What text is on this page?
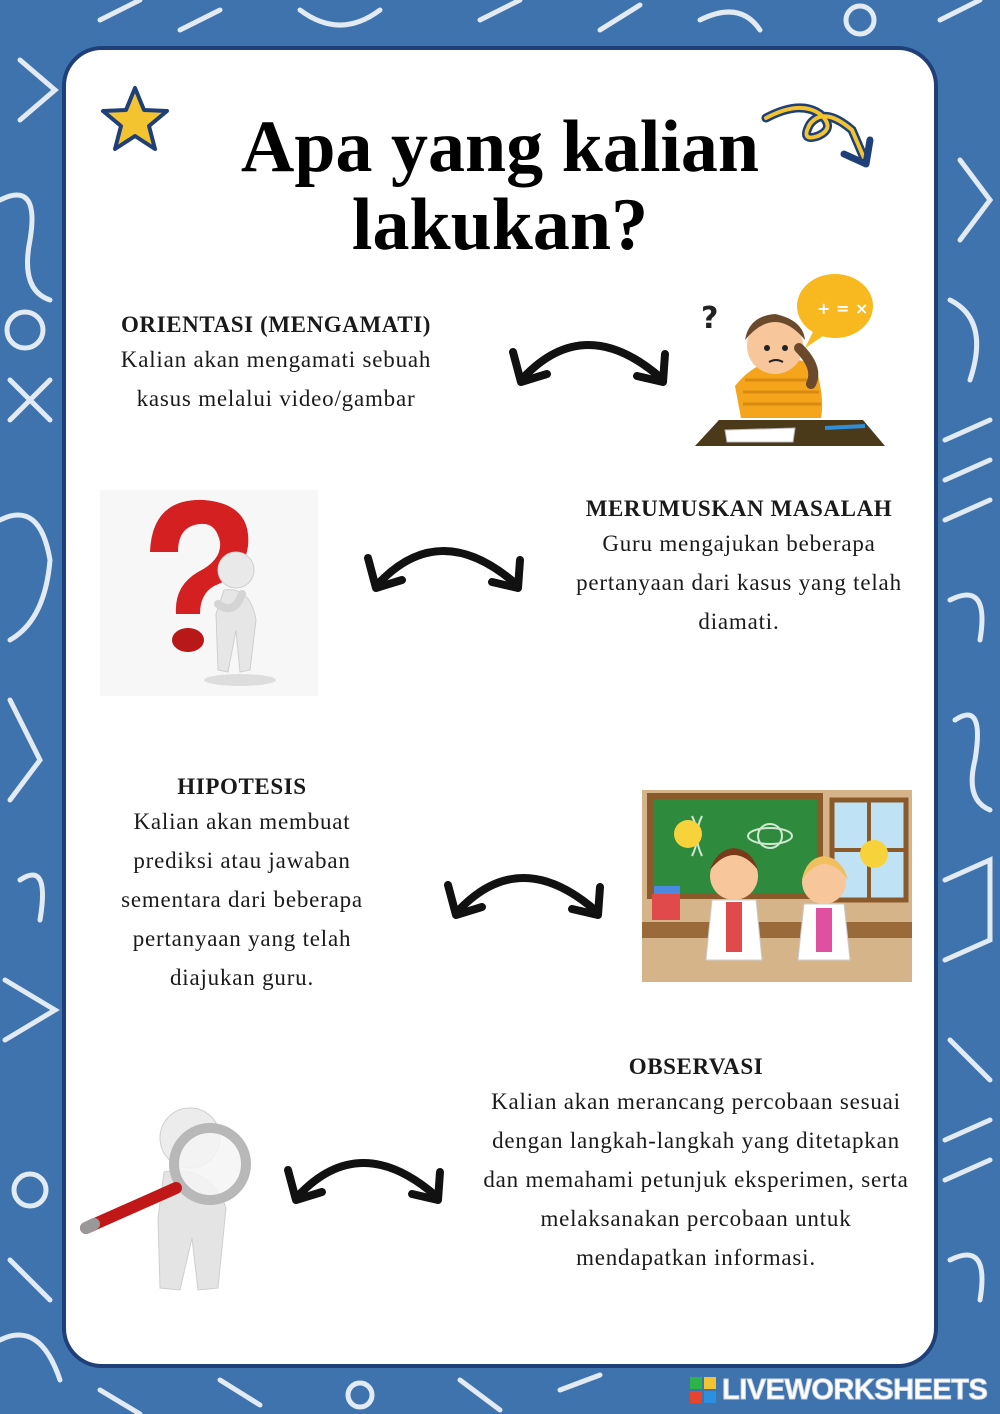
Apa yang kalian
lakukan?
ORIENTASI (MENGAMATI)
Kalian akan mengamati sebuah
kasus melalui video/gambar
+ = × − ÷
?
MERUMUSKAN MASALAH
Guru mengajukan beberapa
pertanyaan dari kasus yang telah
diamati.
HIPOTESIS
Kalian akan membuat
prediksi atau jawaban
sementara dari beberapa
pertanyaan yang telah
diajukan guru.
OBSERVASI
Kalian akan merancang percobaan sesuai
dengan langkah-langkah yang ditetapkan
dan memahami petunjuk eksperimen, serta
melaksanakan percobaan untuk
mendapatkan informasi.
LIVEWORKSHEETS
